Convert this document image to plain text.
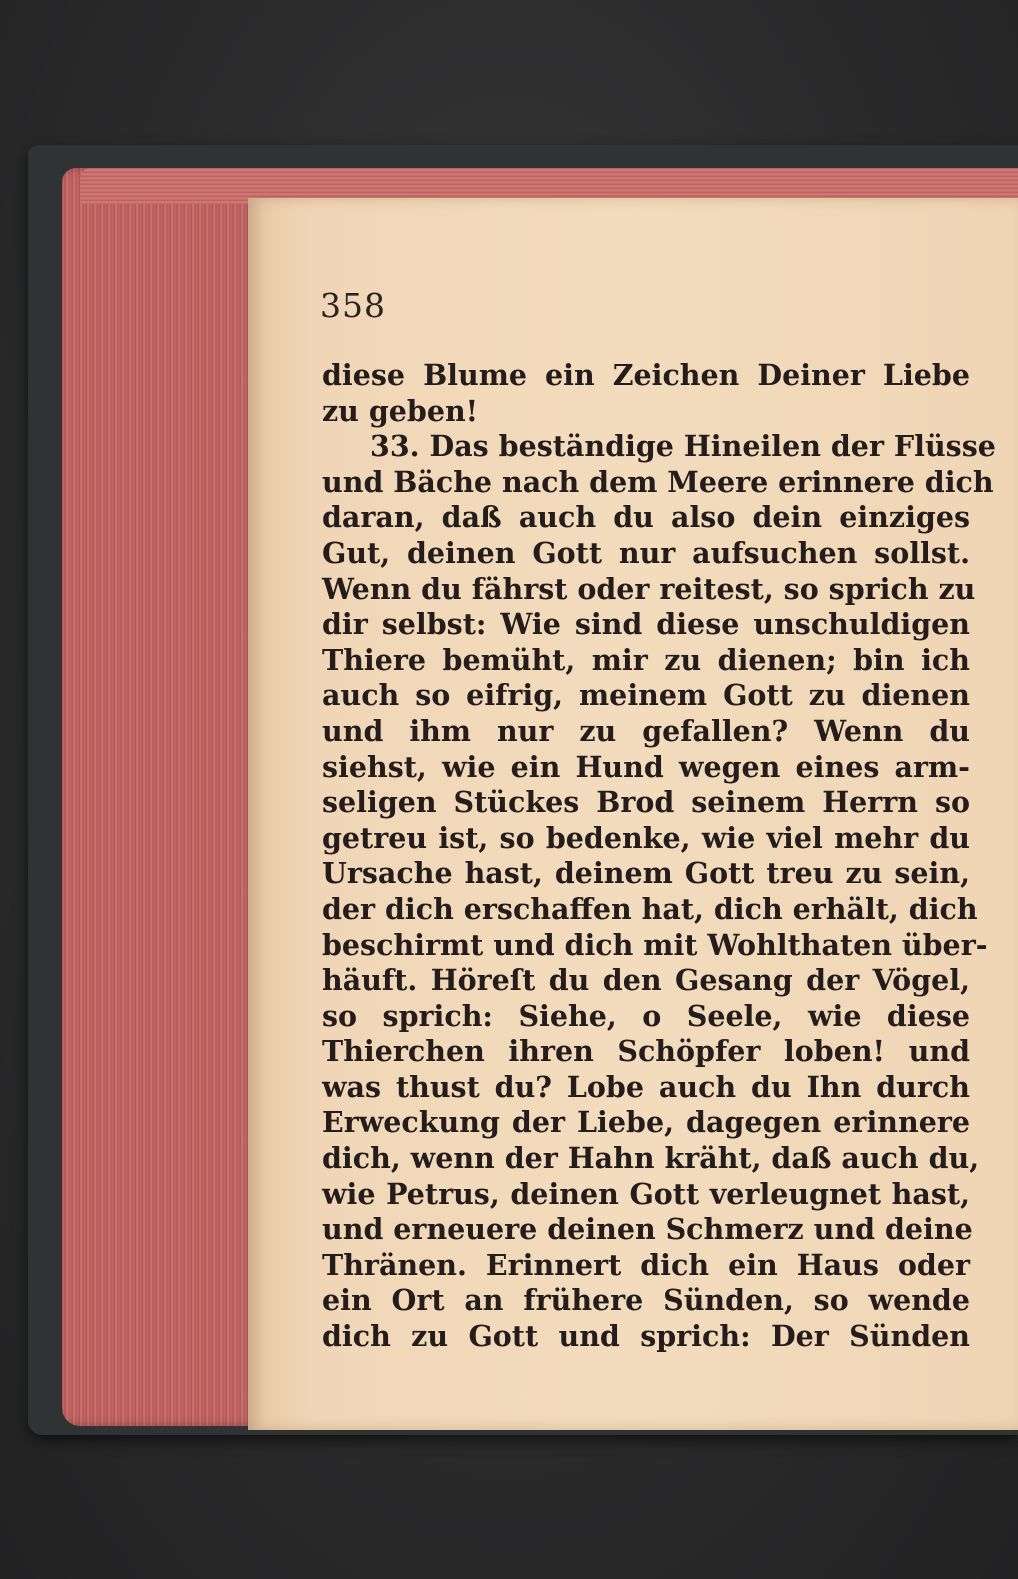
358
diese Blume ein Zeichen Deiner Liebe
zu geben!
33. Das beständige Hineilen der Flüsse
und Bäche nach dem Meere erinnere dich
daran, daß auch du also dein einziges
Gut, deinen Gott nur aufsuchen sollst.
Wenn du fährst oder reitest, so sprich zu
dir selbst: Wie sind diese unschuldigen
Thiere bemüht, mir zu dienen; bin ich
auch so eifrig, meinem Gott zu dienen
und ihm nur zu gefallen? Wenn du
siehst, wie ein Hund wegen eines arm-
seligen Stückes Brod seinem Herrn so
getreu ist, so bedenke, wie viel mehr du
Ursache hast, deinem Gott treu zu sein,
der dich erschaffen hat, dich erhält, dich
beschirmt und dich mit Wohlthaten über-
häuft. Höreſt du den Gesang der Vögel,
so sprich: Siehe, o Seele, wie diese
Thierchen ihren Schöpfer loben! und
was thust du? Lobe auch du Ihn durch
Erweckung der Liebe, dagegen erinnere
dich, wenn der Hahn kräht, daß auch du,
wie Petrus, deinen Gott verleugnet hast,
und erneuere deinen Schmerz und deine
Thränen. Erinnert dich ein Haus oder
ein Ort an frühere Sünden, so wende
dich zu Gott und sprich: Der Sünden
